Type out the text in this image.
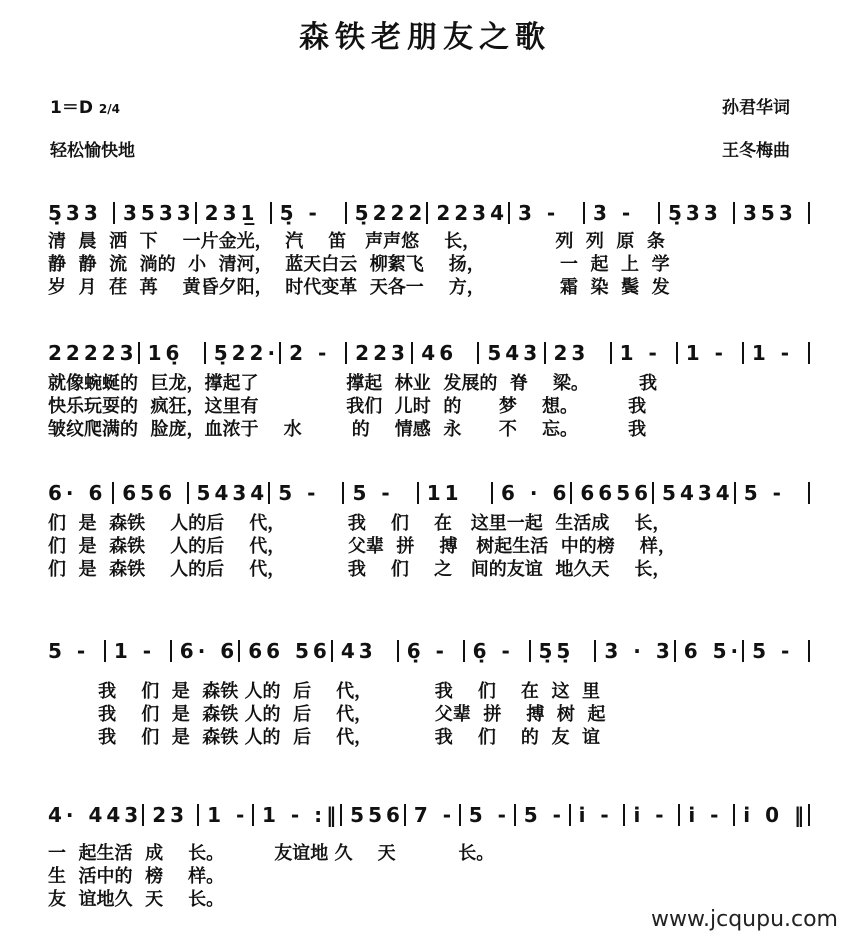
森铁老朋友之歌
1＝D 2/4	孙君华词
轻松愉快地	王冬梅曲
5̣33	3533 231̲	5̣ -	5̣222 2234 3 -	3 -	5̣33	353
清  晨  洒  下    一片金光，  汽    笛   声声悠    长，            列  列  原  条
静  静  流  淌的  小  清河，  蓝天白云  柳絮飞    扬，            一  起  上  学
岁  月  荏  苒    黄昏夕阳，  时代变革  天各一    方，            霜  染  鬓  发
22223 16̣	5̣22· 2 -	223 46	543 23	1 -	1 -	1 -
就像蜿蜒的  巨龙，撑起了              撑起  林业  发展的  脊    梁。        我
快乐玩耍的  疯狂，这里有              我们  儿时  的      梦    想。        我
皱纹爬满的  脸庞，血浓于    水        的    情感  永      不    忘。        我
6· 6 656	5434 5 -	5 -	11	6 · 6 6656 5434 5 -
们  是  森铁    人的后    代，          我    们    在   这里一起  生活成    长，
们  是  森铁    人的后    代，          父辈  拼    搏   树起生活  中的榜    样，
们  是  森铁    人的后    代，          我    们    之   间的友谊  地久天    长，
5 -	1 -	6· 6 66 56 43	6̣ -	6̣ -	5̣5̣	3 · 3 6 5· 5 -
我    们  是  森铁 人的  后    代，          我    们    在  这  里
我    们  是  森铁 人的  后    代，          父辈  拼    搏  树  起
我    们  是  森铁 人的  后    代，          我    们    的  友  谊
4· 443 23 1 - 1 - :‖ 556 7 - 5 - 5 - i̇ -	i̇ -	i̇ -	i̇ 0 ‖
一  起生活  成    长。        友谊地 久    天          长。
生  活中的  榜    样。
友  谊地久  天    长。
www.jcqupu.com
